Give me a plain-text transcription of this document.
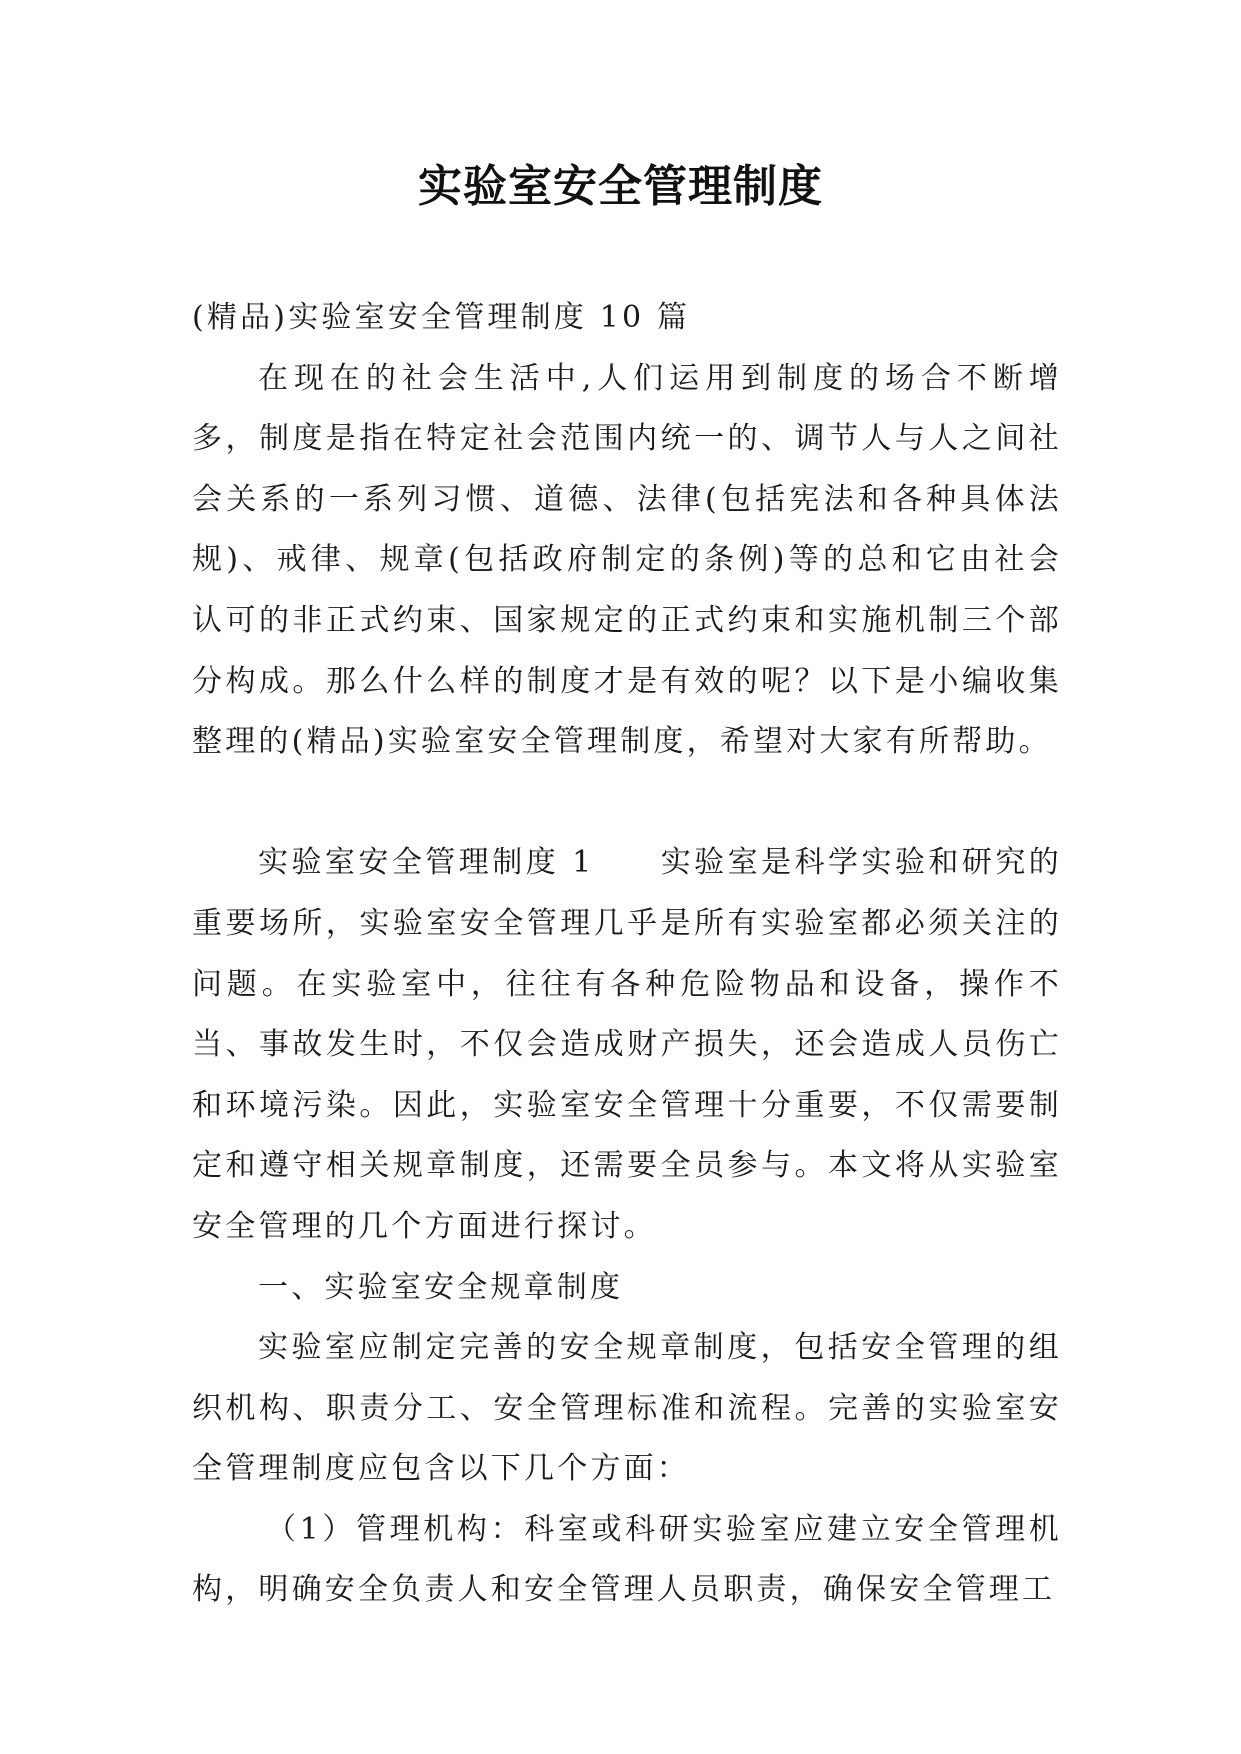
实验室安全管理制度

(精品)实验室安全管理制度 10 篇

在现在的社会生活中,人们运用到制度的场合不断增多，制度是指在特定社会范围内统一的、调节人与人之间社会关系的一系列习惯、道德、法律(包括宪法和各种具体法规)、戒律、规章(包括政府制定的条例)等的总和它由社会认可的非正式约束、国家规定的正式约束和实施机制三个部分构成。那么什么样的制度才是有效的呢？以下是小编收集整理的(精品)实验室安全管理制度，希望对大家有所帮助。

实验室安全管理制度 1 实验室是科学实验和研究的重要场所，实验室安全管理几乎是所有实验室都必须关注的问题。在实验室中，往往有各种危险物品和设备，操作不当、事故发生时，不仅会造成财产损失，还会造成人员伤亡和环境污染。因此，实验室安全管理十分重要，不仅需要制定和遵守相关规章制度，还需要全员参与。本文将从实验室安全管理的几个方面进行探讨。

一、实验室安全规章制度

实验室应制定完善的安全规章制度，包括安全管理的组织机构、职责分工、安全管理标准和流程。完善的实验室安全管理制度应包含以下几个方面：

（1）管理机构：科室或科研实验室应建立安全管理机构，明确安全负责人和安全管理人员职责，确保安全管理工
